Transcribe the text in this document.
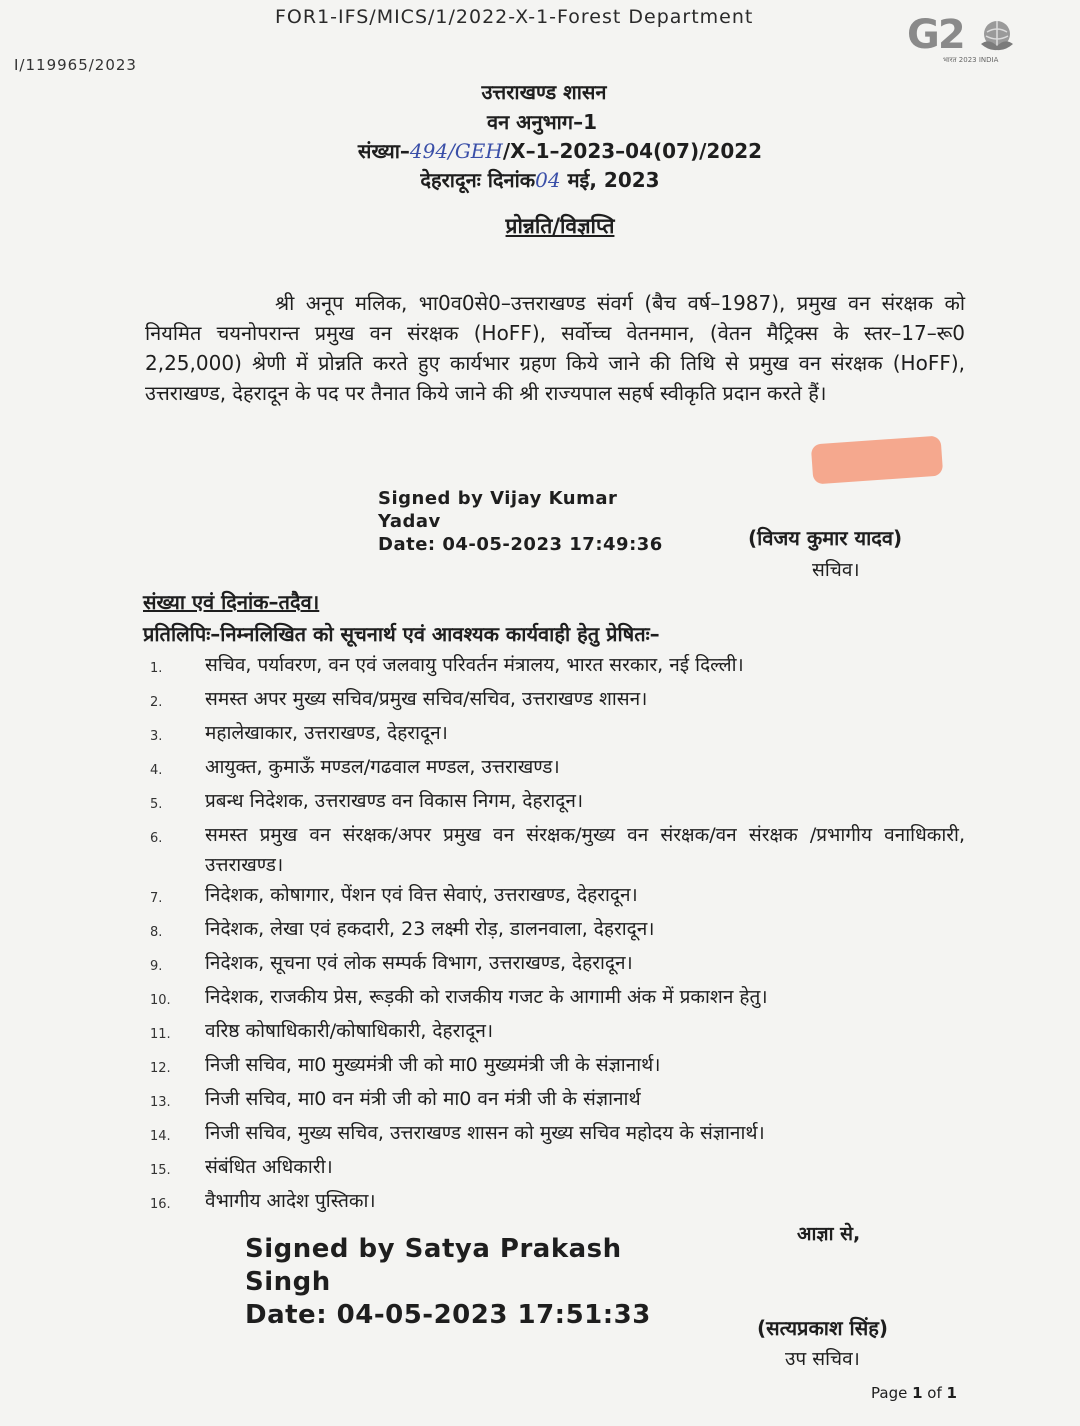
FOR1-IFS/MICS/1/2022-X-1-Forest Department
I/119965/2023
G2
भारत 2023 INDIA
उत्तराखण्ड शासन
वन अनुभाग–1
संख्या–494/GEH/X–1–2023–04(07)/2022
देहरादूनः दिनांक04 मई, 2023
प्रोन्नति/विज्ञप्ति

श्री अनूप मलिक, भा0व0से0–उत्तराखण्ड संवर्ग (बैच वर्ष–1987), प्रमुख वन संरक्षक को नियमित चयनोपरान्त प्रमुख वन संरक्षक (HoFF), सर्वोच्च वेतनमान, (वेतन मैट्रिक्स के स्तर–17–रू0 2,25,000) श्रेणी में प्रोन्नति करते हुए कार्यभार ग्रहण किये जाने की तिथि से प्रमुख वन संरक्षक (HoFF), उत्तराखण्ड, देहरादून के पद पर तैनात किये जाने की श्री राज्यपाल सहर्ष स्वीकृति प्रदान करते हैं।

Signed by Vijay Kumar
Yadav
Date: 04-05-2023 17:49:36	(विजय कुमार यादव)
सचिव।
संख्या एवं दिनांक–तदैव।
प्रतिलिपिः–निम्नलिखित को सूचनार्थ एवं आवश्यक कार्यवाही हेतु प्रेषितः–
1.	सचिव, पर्यावरण, वन एवं जलवायु परिवर्तन मंत्रालय, भारत सरकार, नई दिल्ली।
2.	समस्त अपर मुख्य सचिव/प्रमुख सचिव/सचिव, उत्तराखण्ड शासन।
3.	महालेखाकार, उत्तराखण्ड, देहरादून।
4.	आयुक्त, कुमाऊँ मण्डल/गढवाल मण्डल, उत्तराखण्ड।
5.	प्रबन्ध निदेशक, उत्तराखण्ड वन विकास निगम, देहरादून।
6.	समस्त प्रमुख वन संरक्षक/अपर प्रमुख वन संरक्षक/मुख्य वन संरक्षक/वन संरक्षक /प्रभागीय वनाधिकारी, उत्तराखण्ड।
7.	निदेशक, कोषागार, पेंशन एवं वित्त सेवाएं, उत्तराखण्ड, देहरादून।
8.	निदेशक, लेखा एवं हकदारी, 23 लक्ष्मी रोड़, डालनवाला, देहरादून।
9.	निदेशक, सूचना एवं लोक सम्पर्क विभाग, उत्तराखण्ड, देहरादून।
10.	निदेशक, राजकीय प्रेस, रूड़की को राजकीय गजट के आगामी अंक में प्रकाशन हेतु।
11.	वरिष्ठ कोषाधिकारी/कोषाधिकारी, देहरादून।
12.	निजी सचिव, मा0 मुख्यमंत्री जी को मा0 मुख्यमंत्री जी के संज्ञानार्थ।
13.	निजी सचिव, मा0 वन मंत्री जी को मा0 वन मंत्री जी के संज्ञानार्थ
14.	निजी सचिव, मुख्य सचिव, उत्तराखण्ड शासन को मुख्य सचिव महोदय के संज्ञानार्थ।
15.	संबंधित अधिकारी।
16.	वैभागीय आदेश पुस्तिका।
आज्ञा से,
Signed by Satya Prakash
Singh
Date: 04-05-2023 17:51:33	(सत्यप्रकाश सिंह)
उप सचिव।
Page 1 of 1
